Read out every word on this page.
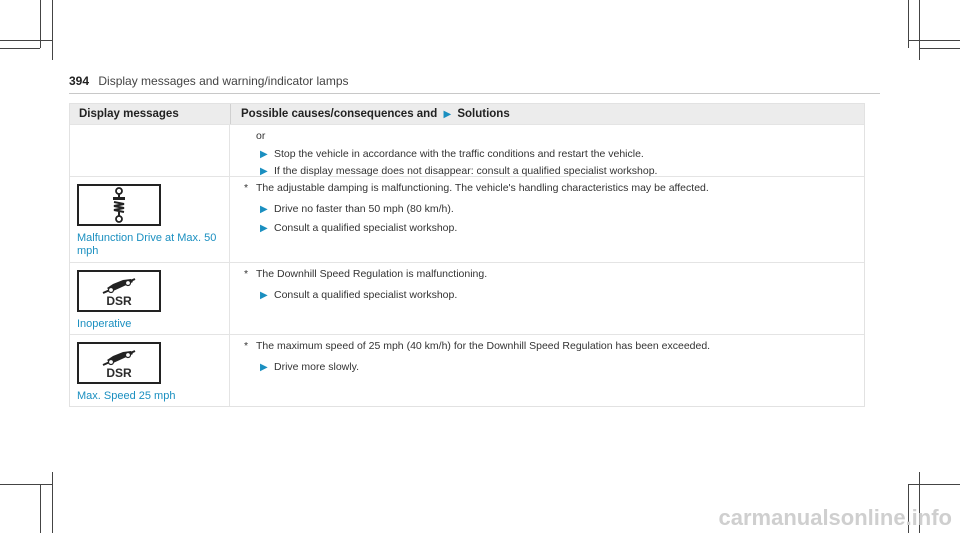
394 Display messages and warning/indicator lamps
Display messages	Possible causes/consequences and ▶ Solutions
or
▶ Stop the vehicle in accordance with the traffic conditions and restart the vehicle.
▶ If the display message does not disappear: consult a qualified specialist workshop.
Malfunction Drive at Max. 50 mph
* The adjustable damping is malfunctioning. The vehicle's handling characteristics may be affected.
▶ Drive no faster than 50 mph (80 km/h).
▶ Consult a qualified specialist workshop.
DSR
Inoperative
* The Downhill Speed Regulation is malfunctioning.
▶ Consult a qualified specialist workshop.
DSR
Max. Speed 25 mph
* The maximum speed of 25 mph (40 km/h) for the Downhill Speed Regulation has been exceeded.
▶ Drive more slowly.
carmanualsonline.info
